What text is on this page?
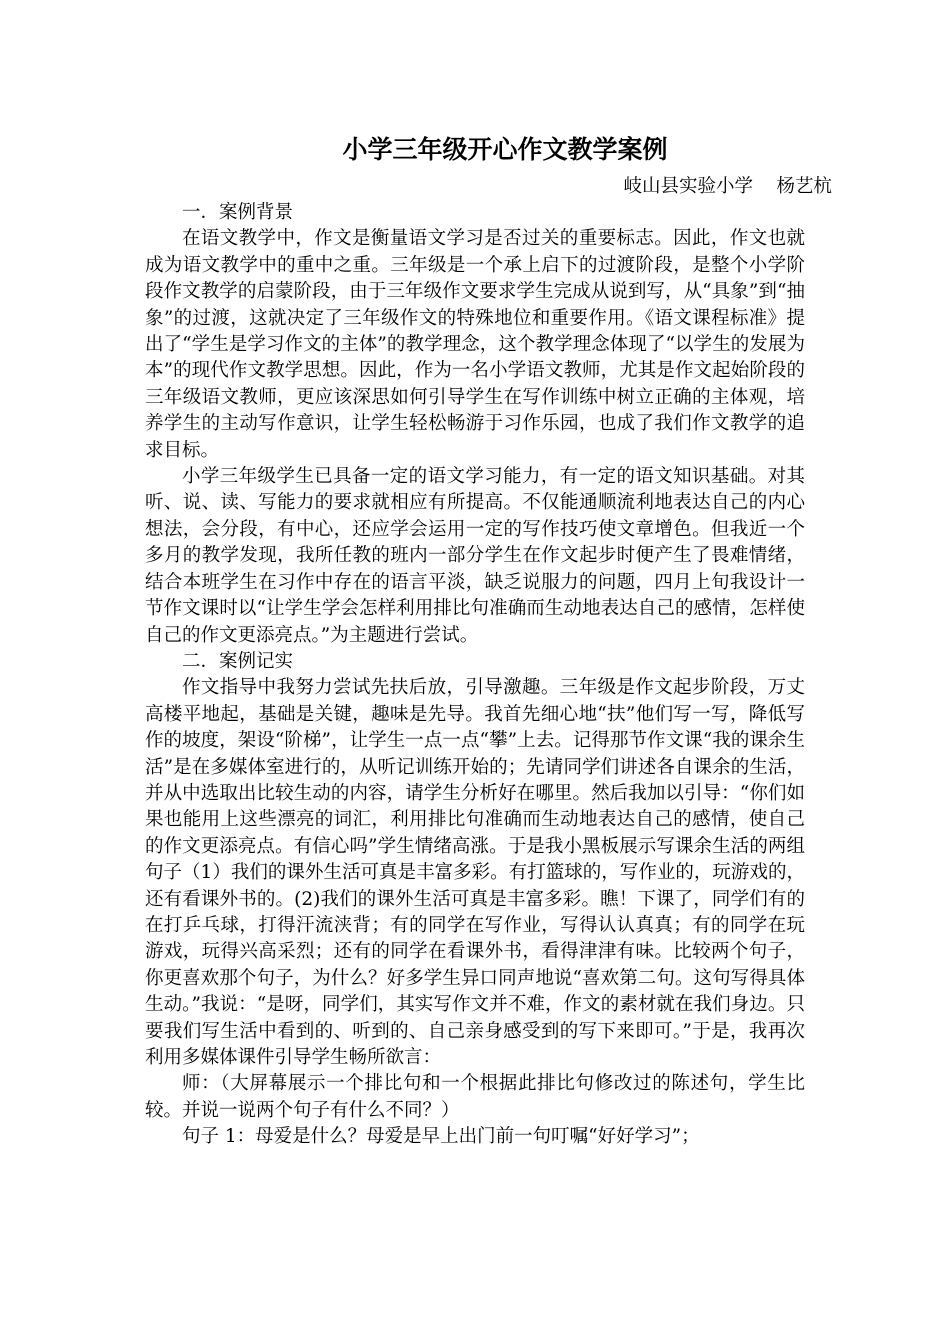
小学三年级开心作文教学案例
岐山县实验小学    杨艺杭
一．案例背景

在语文教学中，作文是衡量语文学习是否过关的重要标志。因此，作文也就成为语文教学中的重中之重。三年级是一个承上启下的过渡阶段，是整个小学阶段作文教学的启蒙阶段，由于三年级作文要求学生完成从说到写，从“具象”到“抽象”的过渡，这就决定了三年级作文的特殊地位和重要作用。《语文课程标准》提出了“学生是学习作文的主体”的教学理念，这个教学理念体现了“以学生的发展为本”的现代作文教学思想。因此，作为一名小学语文教师，尤其是作文起始阶段的三年级语文教师，更应该深思如何引导学生在写作训练中树立正确的主体观，培养学生的主动写作意识，让学生轻松畅游于习作乐园，也成了我们作文教学的追求目标。

小学三年级学生已具备一定的语文学习能力，有一定的语文知识基础。对其听、说、读、写能力的要求就相应有所提高。不仅能通顺流利地表达自己的内心想法，会分段，有中心，还应学会运用一定的写作技巧使文章增色。但我近一个多月的教学发现，我所任教的班内一部分学生在作文起步时便产生了畏难情绪，结合本班学生在习作中存在的语言平淡，缺乏说服力的问题，四月上旬我设计一节作文课时以“让学生学会怎样利用排比句准确而生动地表达自己的感情，怎样使自己的作文更添亮点。”为主题进行尝试。

二．案例记实

作文指导中我努力尝试先扶后放，引导激趣。三年级是作文起步阶段，万丈高楼平地起，基础是关键，趣味是先导。我首先细心地“扶”他们写一写，降低写作的坡度，架设“阶梯”，让学生一点一点“攀”上去。记得那节作文课“我的课余生活”是在多媒体室进行的，从听记训练开始的；先请同学们讲述各自课余的生活，并从中选取出比较生动的内容，请学生分析好在哪里。然后我加以引导：“你们如果也能用上这些漂亮的词汇，利用排比句准确而生动地表达自己的感情，使自己的作文更添亮点。有信心吗”学生情绪高涨。于是我小黑板展示写课余生活的两组句子（1）我们的课外生活可真是丰富多彩。有打篮球的，写作业的，玩游戏的，还有看课外书的。(2)我们的课外生活可真是丰富多彩。瞧！下课了，同学们有的在打乒乓球，打得汗流浃背；有的同学在写作业，写得认认真真；有的同学在玩游戏，玩得兴高采烈；还有的同学在看课外书，看得津津有味。比较两个句子，你更喜欢那个句子，为什么？好多学生异口同声地说“喜欢第二句。这句写得具体生动。”我说：“是呀，同学们，其实写作文并不难，作文的素材就在我们身边。只要我们写生活中看到的、听到的、自己亲身感受到的写下来即可。”于是，我再次利用多媒体课件引导学生畅所欲言：

师：（大屏幕展示一个排比句和一个根据此排比句修改过的陈述句，学生比较。并说一说两个句子有什么不同？）

句子 1：母爱是什么？母爱是早上出门前一句叮嘱“好好学习”；
